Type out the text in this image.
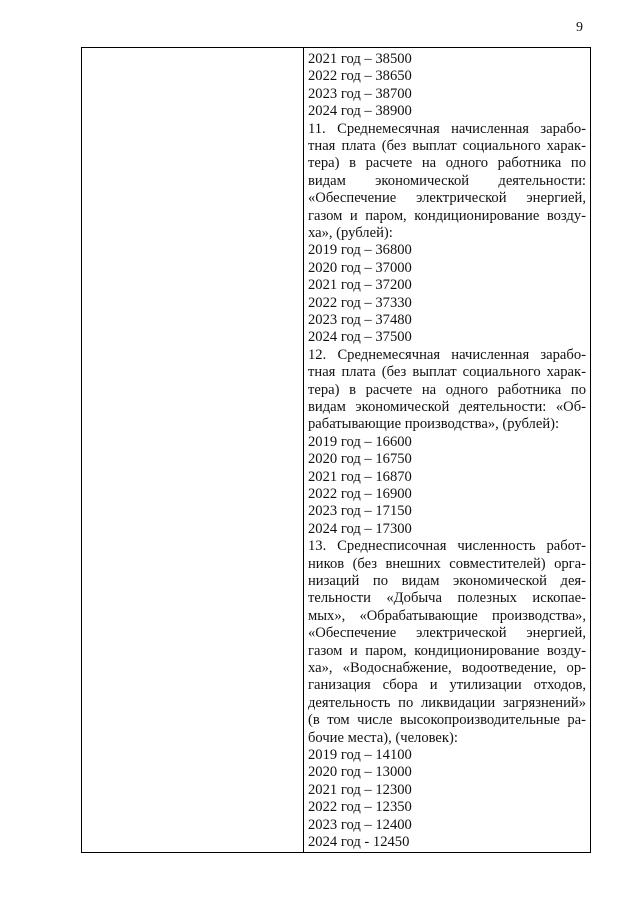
9
2021 год – 38500
2022 год – 38650
2023 год – 38700
2024 год – 38900
11. Среднемесячная начисленная зарабо-
тная плата (без выплат социального харак-
тера) в расчете на одного работника по
видам экономической деятельности:
«Обеспечение электрической энергией,
газом и паром, кондиционирование возду-
ха», (рублей):
2019 год – 36800
2020 год – 37000
2021 год – 37200
2022 год – 37330
2023 год – 37480
2024 год – 37500
12. Среднемесячная начисленная зарабо-
тная плата (без выплат социального харак-
тера) в расчете на одного работника по
видам экономической деятельности: «Об-
рабатывающие производства», (рублей):
2019 год – 16600
2020 год – 16750
2021 год – 16870
2022 год – 16900
2023 год – 17150
2024 год – 17300
13. Среднесписочная численность работ-
ников (без внешних совместителей) орга-
низаций по видам экономической дея-
тельности «Добыча полезных ископае-
мых», «Обрабатывающие производства»,
«Обеспечение электрической энергией,
газом и паром, кондиционирование возду-
ха», «Водоснабжение, водоотведение, ор-
ганизация сбора и утилизации отходов,
деятельность по ликвидации загрязнений»
(в том числе высокопроизводительные ра-
бочие места), (человек):
2019 год – 14100
2020 год – 13000
2021 год – 12300
2022 год – 12350
2023 год – 12400
2024 год - 12450
